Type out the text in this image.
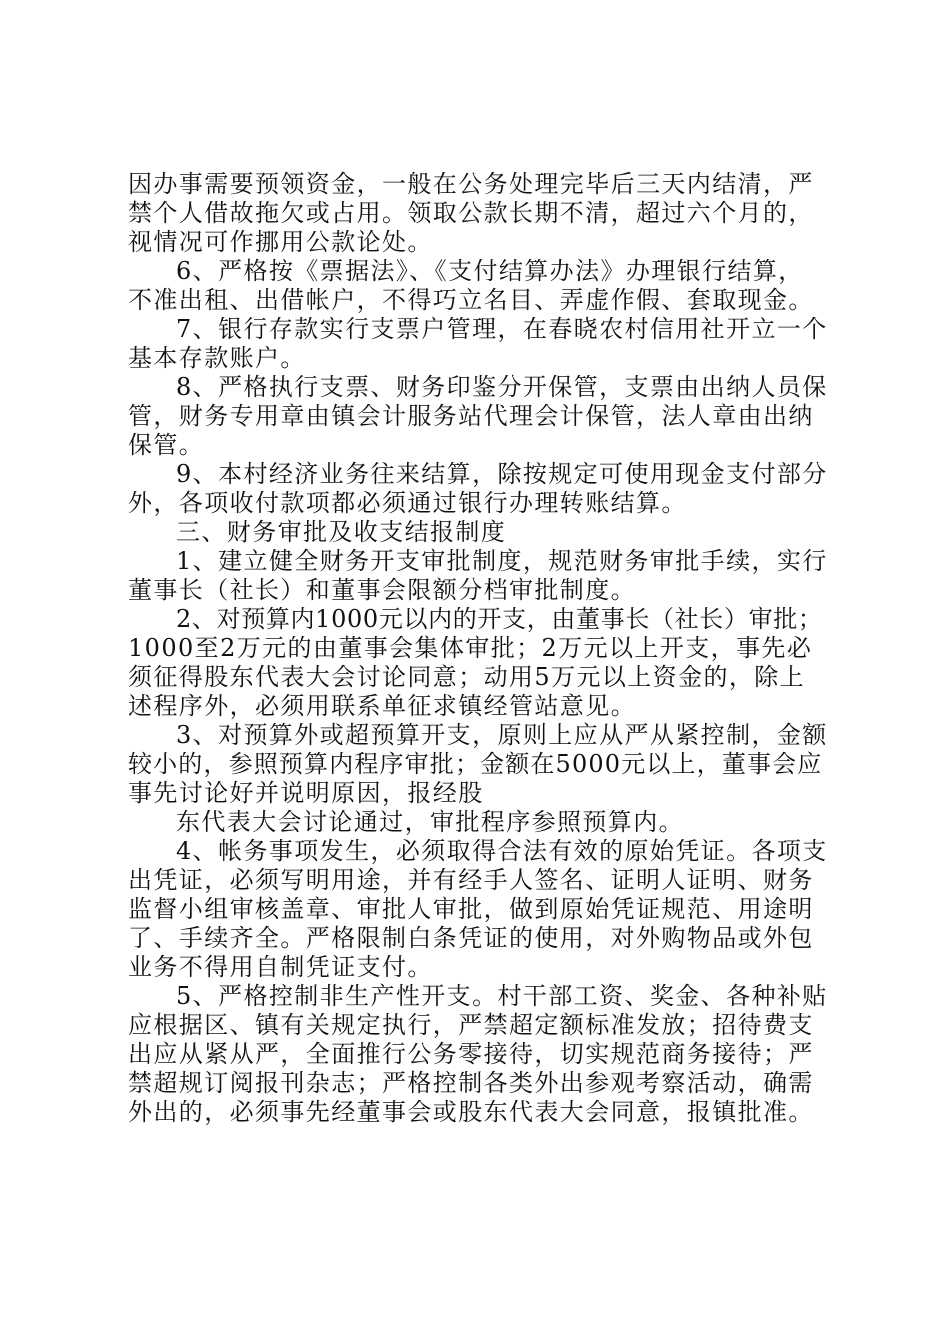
因办事需要预领资金，一般在公务处理完毕后三天内结清，严
禁个人借故拖欠或占用。领取公款长期不清，超过六个月的，
视情况可作挪用公款论处。
6、严格按《票据法》、《支付结算办法》办理银行结算，
不准出租、出借帐户，不得巧立名目、弄虚作假、套取现金。
7、银行存款实行支票户管理，在春晓农村信用社开立一个
基本存款账户。
8、严格执行支票、财务印鉴分开保管，支票由出纳人员保
管，财务专用章由镇会计服务站代理会计保管，法人章由出纳
保管。
9、本村经济业务往来结算，除按规定可使用现金支付部分
外，各项收付款项都必须通过银行办理转账结算。
三、财务审批及收支结报制度
1、建立健全财务开支审批制度，规范财务审批手续，实行
董事长（社长）和董事会限额分档审批制度。
2、对预算内1000元以内的开支，由董事长（社长）审批；
1000至2万元的由董事会集体审批；2万元以上开支，事先必
须征得股东代表大会讨论同意；动用5万元以上资金的，除上
述程序外，必须用联系单征求镇经管站意见。
3、对预算外或超预算开支，原则上应从严从紧控制，金额
较小的，参照预算内程序审批；金额在5000元以上，董事会应
事先讨论好并说明原因，报经股
东代表大会讨论通过，审批程序参照预算内。
4、帐务事项发生，必须取得合法有效的原始凭证。各项支
出凭证，必须写明用途，并有经手人签名、证明人证明、财务
监督小组审核盖章、审批人审批，做到原始凭证规范、用途明
了、手续齐全。严格限制白条凭证的使用，对外购物品或外包
业务不得用自制凭证支付。
5、严格控制非生产性开支。村干部工资、奖金、各种补贴
应根据区、镇有关规定执行，严禁超定额标准发放；招待费支
出应从紧从严，全面推行公务零接待，切实规范商务接待；严
禁超规订阅报刊杂志；严格控制各类外出参观考察活动，确需
外出的，必须事先经董事会或股东代表大会同意，报镇批准。
